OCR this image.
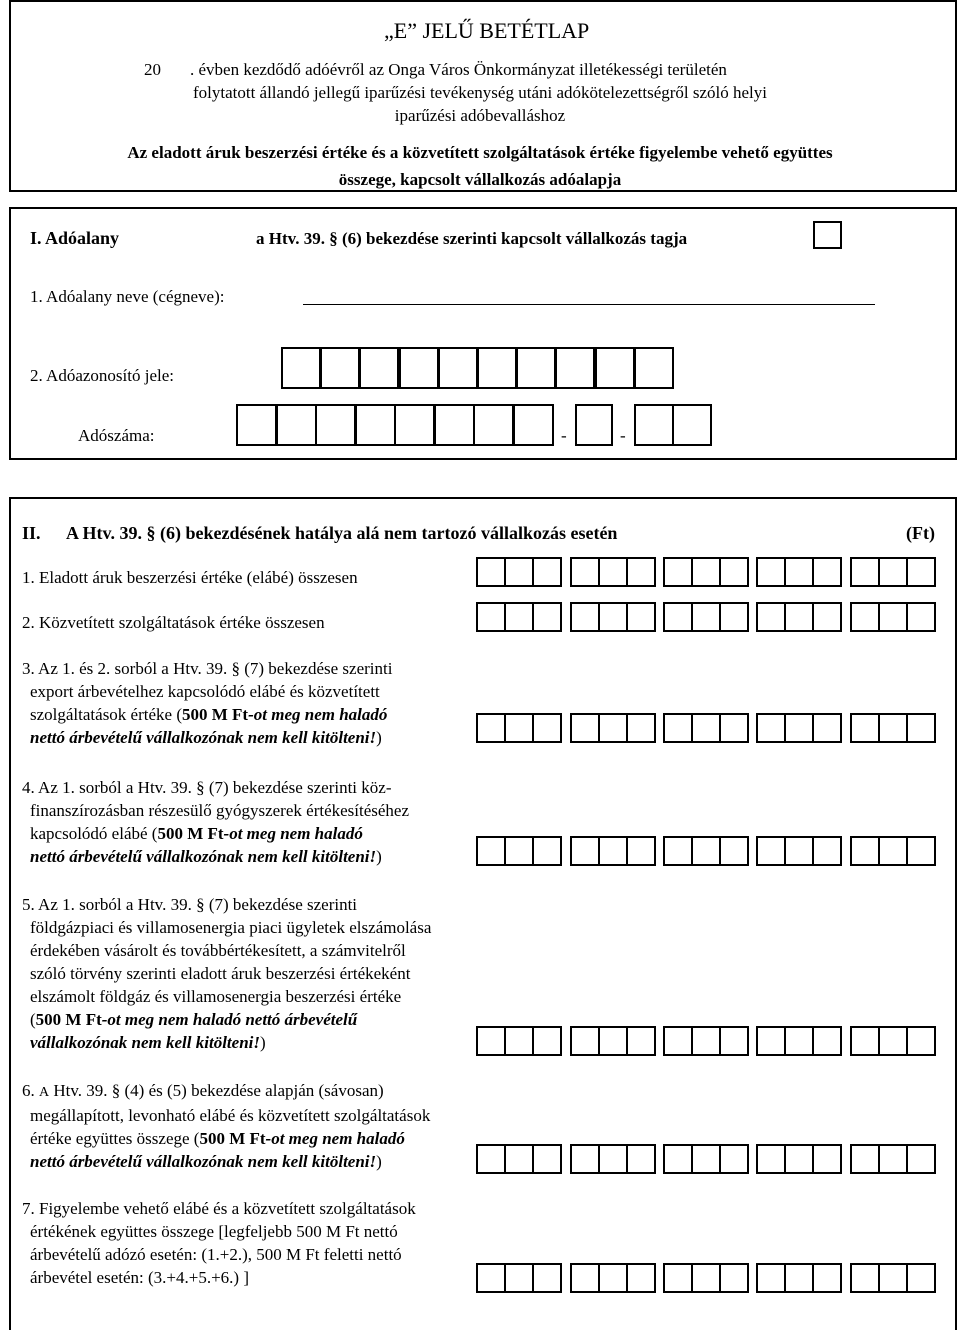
„E” JELŰ BETÉTLAP
20 . évben kezdődő adóévről az Onga Város Önkormányzat illetékességi területén
folytatott állandó jellegű iparűzési tevékenység utáni adókötelezettségről szóló helyi
iparűzési adóbevalláshoz
Az eladott áruk beszerzési értéke és a közvetített szolgáltatások értéke figyelembe vehető együttes
összege, kapcsolt vállalkozás adóalapja
I. Adóalany	a Htv. 39. § (6) bekezdése szerinti kapcsolt vállalkozás tagja
1. Adóalany neve (cégneve):
2. Adóazonosító jele:
Adószáma:	-	-
II. A Htv. 39. § (6) bekezdésének hatálya alá nem tartozó vállalkozás esetén	(Ft)
1. Eladott áruk beszerzési értéke (elábé) összesen
2. Közvetített szolgáltatások értéke összesen
3. Az 1. és 2. sorból a Htv. 39. § (7) bekezdése szerinti
export árbevételhez kapcsolódó elábé és közvetített
szolgáltatások értéke (500 M Ft-ot meg nem haladó
nettó árbevételű vállalkozónak nem kell kitölteni!)
4. Az 1. sorból a Htv. 39. § (7) bekezdése szerinti köz-
finanszírozásban részesülő gyógyszerek értékesítéséhez
kapcsolódó elábé (500 M Ft-ot meg nem haladó
nettó árbevételű vállalkozónak nem kell kitölteni!)
5. Az 1. sorból a Htv. 39. § (7) bekezdése szerinti
földgázpiaci és villamosenergia piaci ügyletek elszámolása
érdekében vásárolt és továbbértékesített, a számvitelről
szóló törvény szerinti eladott áruk beszerzési értékeként
elszámolt földgáz és villamosenergia beszerzési értéke
(500 M Ft-ot meg nem haladó nettó árbevételű
vállalkozónak nem kell kitölteni!)
6. A Htv. 39. § (4) és (5) bekezdése alapján (sávosan)
megállapított, levonható elábé és közvetített szolgáltatások
értéke együttes összege (500 M Ft-ot meg nem haladó
nettó árbevételű vállalkozónak nem kell kitölteni!)
7. Figyelembe vehető elábé és a közvetített szolgáltatások
értékének együttes összege [legfeljebb 500 M Ft nettó
árbevételű adózó esetén: (1.+2.), 500 M Ft feletti nettó
árbevétel esetén: (3.+4.+5.+6.) ]
